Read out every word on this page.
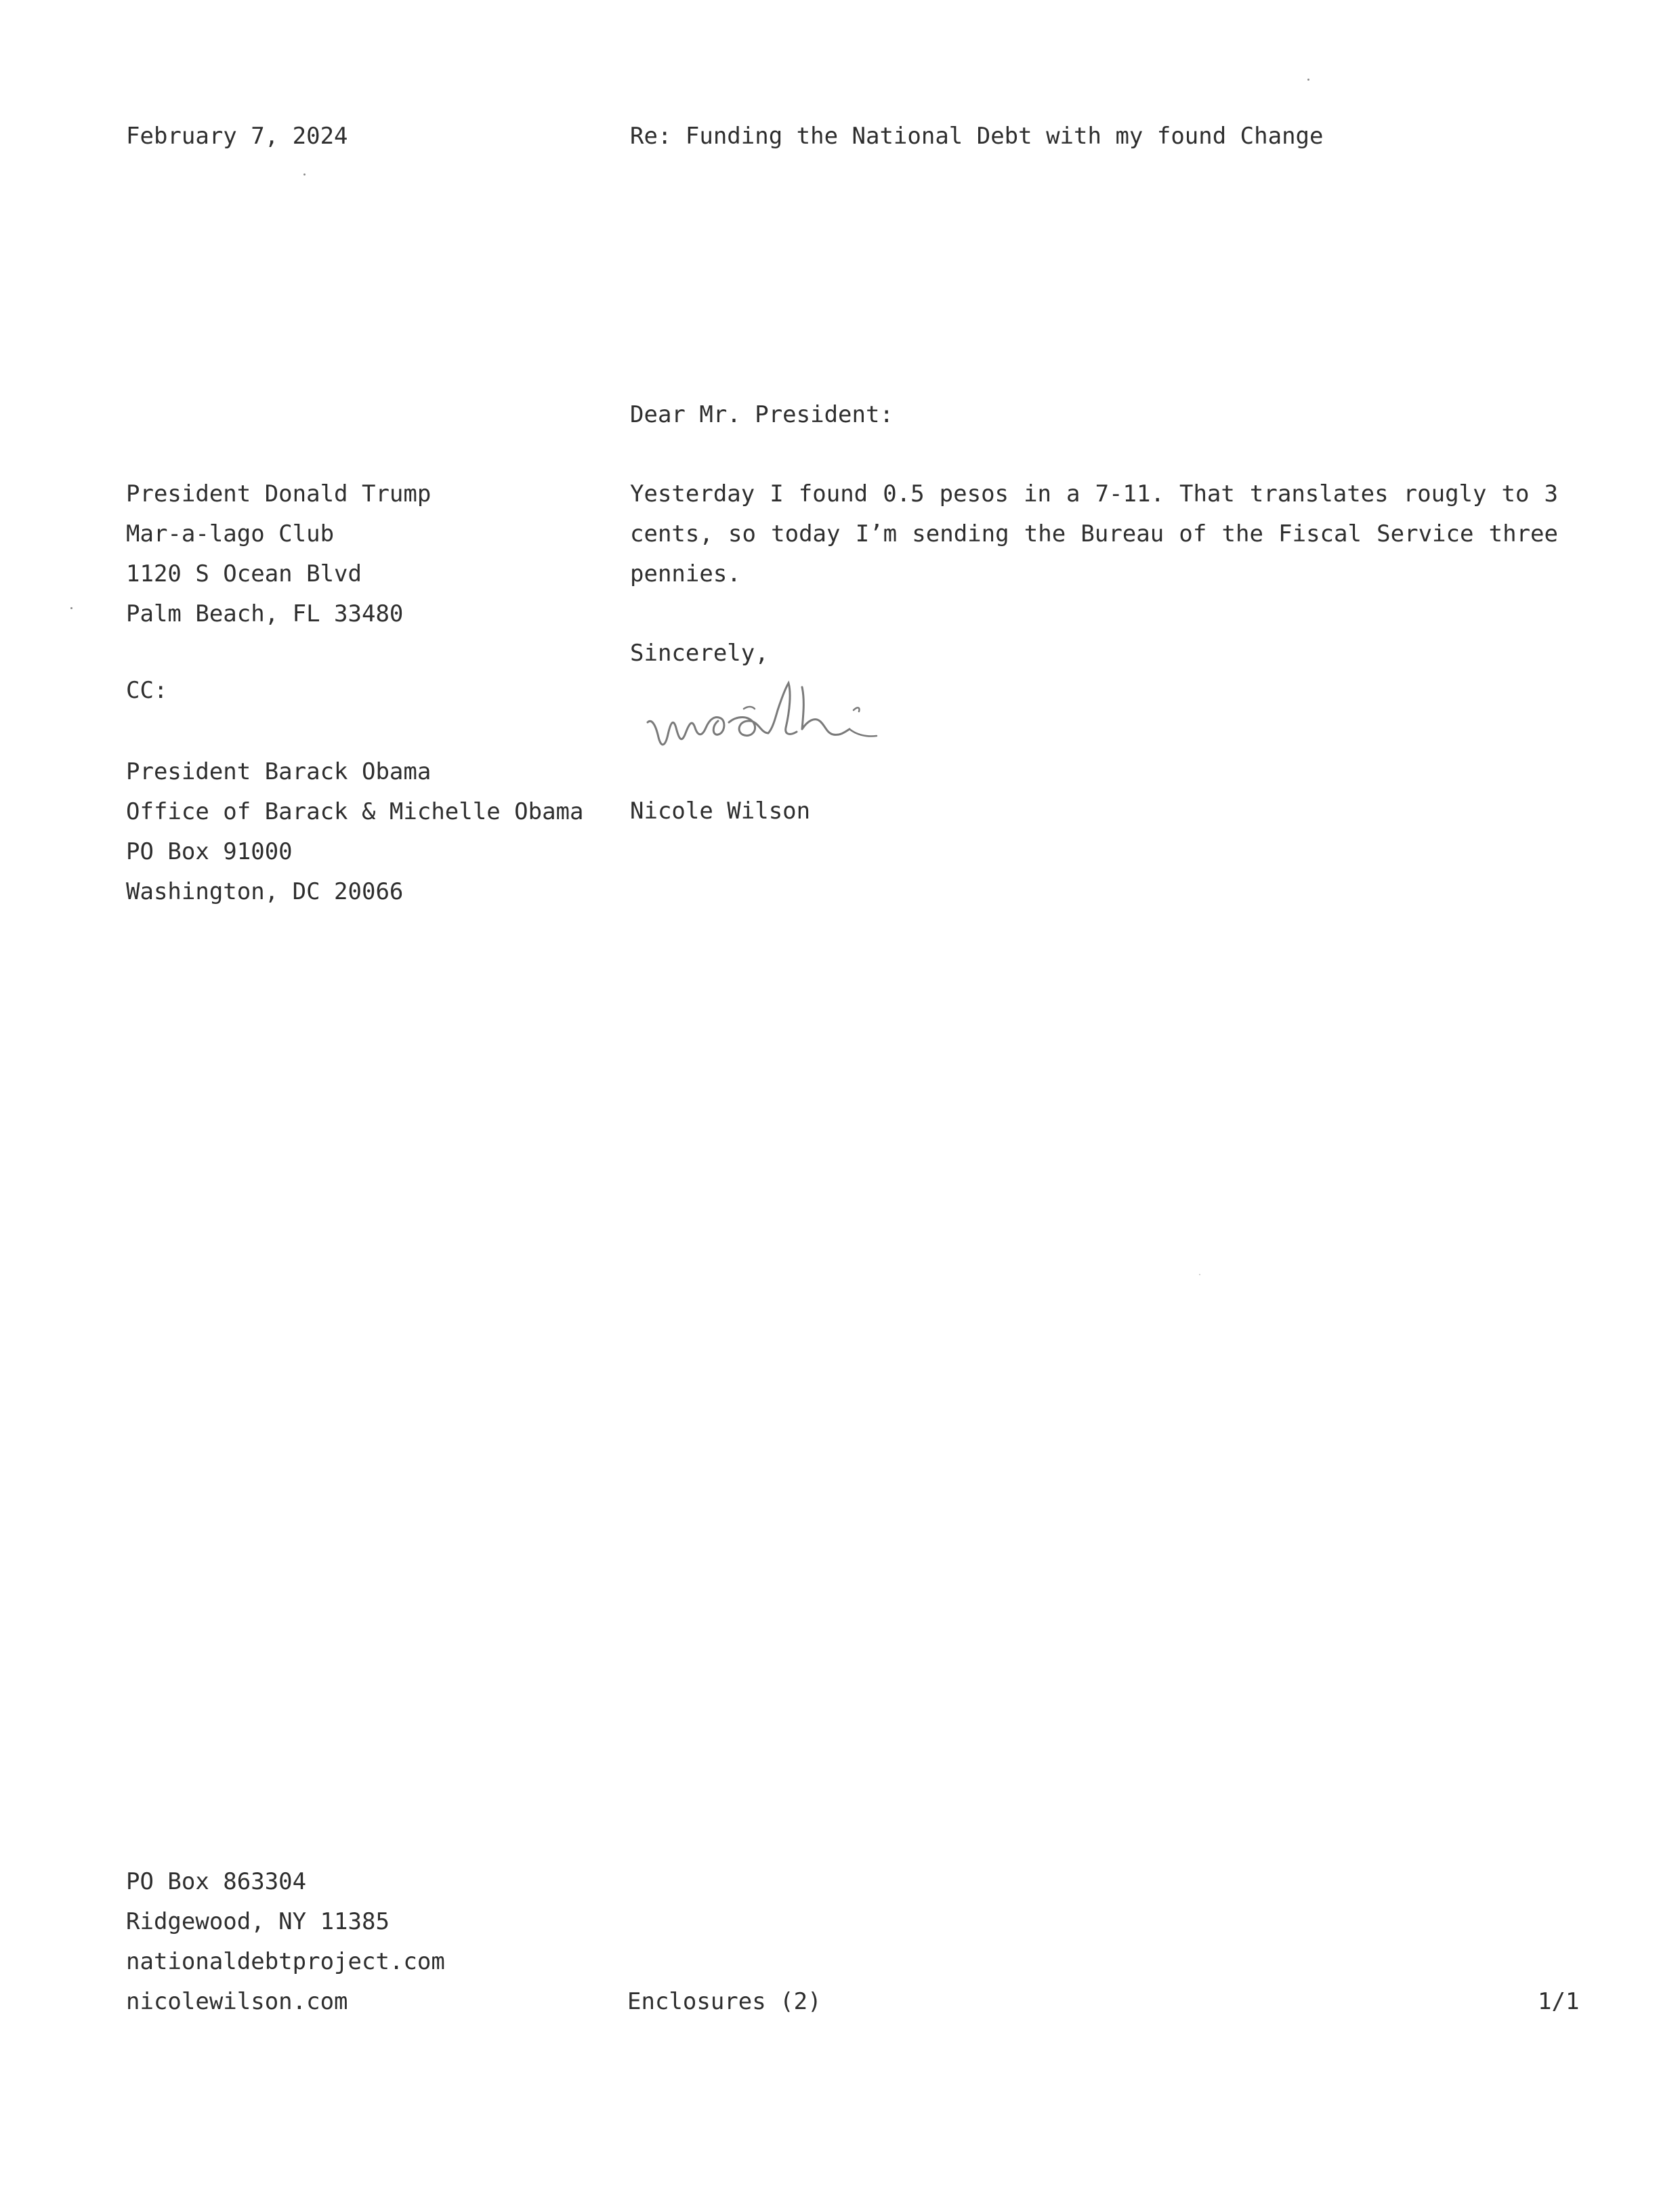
February 7, 2024	Re: Funding the National Debt with my found Change
Dear Mr. President:
President Donald Trump
Mar-a-lago Club
1120 S Ocean Blvd
Palm Beach, FL 33480
CC:
President Barack Obama
Office of Barack & Michelle Obama
PO Box 91000
Washington, DC 20066
Yesterday I found 0.5 pesos in a 7-11. That translates rougly to 3 cents, so today I’m sending the Bureau of the Fiscal Service three pennies.
Sincerely,
Nicole Wilson
PO Box 863304
Ridgewood, NY 11385
nationaldebtproject.com
nicolewilson.com	Enclosures (2)	1/1
